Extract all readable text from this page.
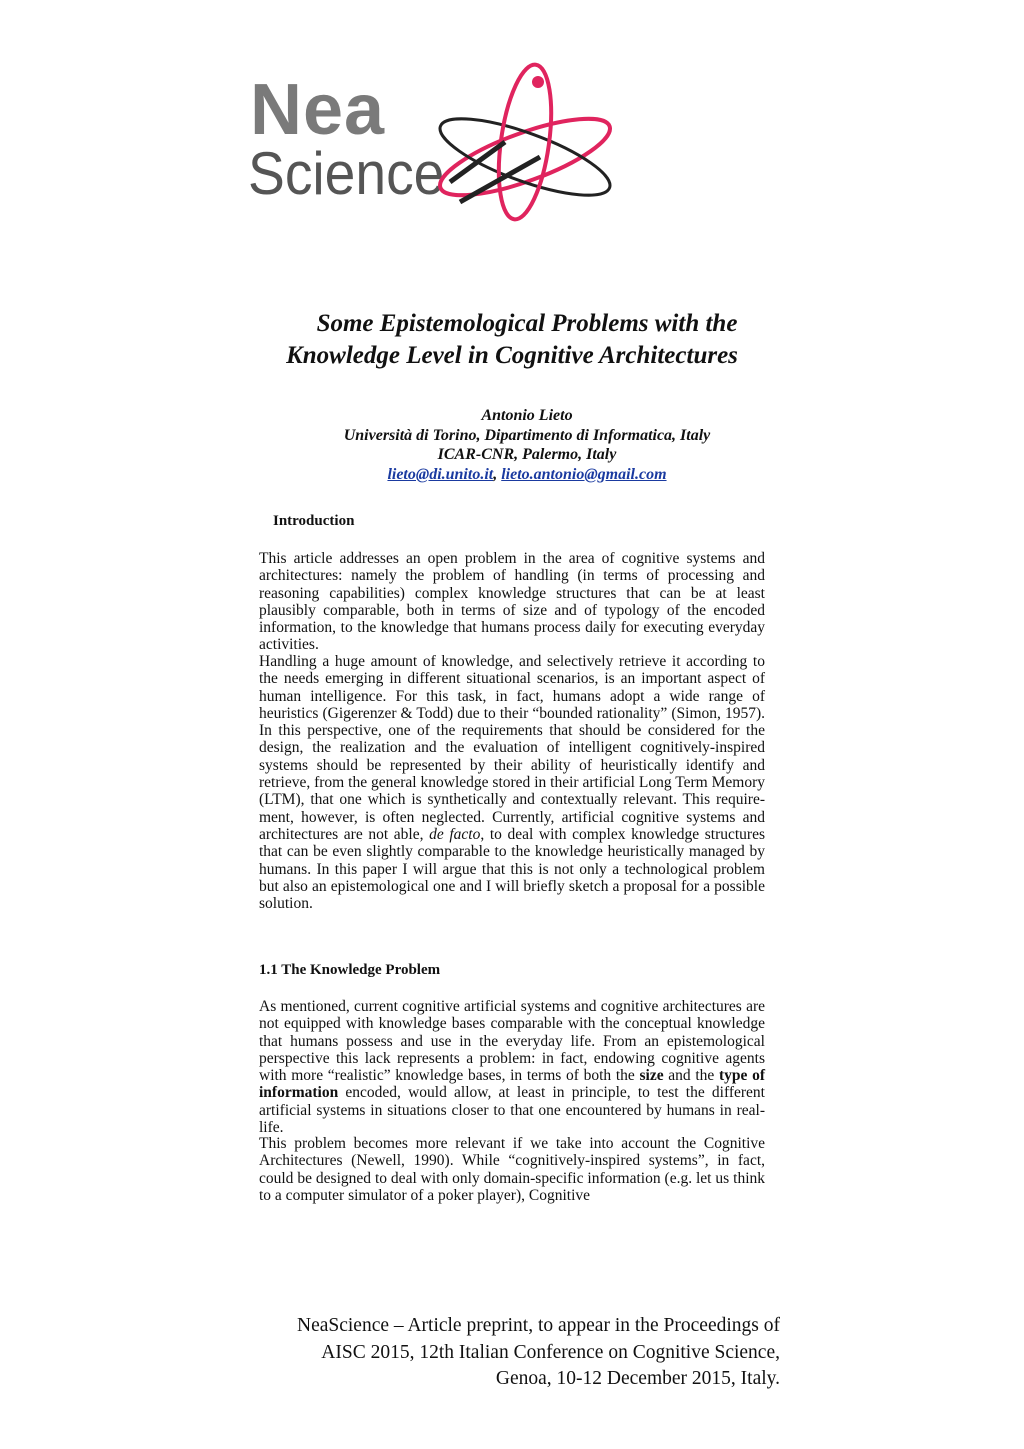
Nea
Science
Some Epistemological Problems with the
Knowledge Level in Cognitive Architectures
Antonio Lieto
Università di Torino, Dipartimento di Informatica, Italy
ICAR-CNR, Palermo, Italy
lieto@di.unito.it, lieto.antonio@gmail.com
Introduction
This article addresses an open problem in the area of cognitive systems and architectures: namely the problem of handling (in terms of processing and reasoning capabilities) complex knowledge structures that can be at least plausibly comparable, both in terms of size and of typology of the encoded information, to the knowledge that humans process daily for executing everyday activities.
Handling a huge amount of knowledge, and selectively retrieve it according to the needs emerging in different situational scenarios, is an important aspect of human intelligence. For this task, in fact, humans adopt a wide range of heuristics (Gigerenzer & Todd) due to their “bounded rationality” (Simon, 1957). In this perspective, one of the requirements that should be considered for the design, the realization and the evaluation of intelligent cognitively-inspired systems should be represented by their ability of heuristically identify and retrieve, from the general knowledge stored in their artificial Long Term Memory (LTM), that one which is synthetically and contextually relevant. This requirement, however, is often neglected. Currently, artificial cognitive systems and architectures are not able, de facto, to deal with complex knowledge structures that can be even slightly comparable to the knowledge heuristically managed by humans. In this paper I will argue that this is not only a technological problem but also an epistemological one and I will briefly sketch a proposal for a possible solution.
1.1 The Knowledge Problem
As mentioned, current cognitive artificial systems and cognitive architectures are not equipped with knowledge bases comparable with the conceptual knowledge that humans possess and use in the everyday life. From an epistemological perspective this lack represents a problem: in fact, endowing cognitive agents with more “realistic” knowledge bases, in terms of both the size and the type of information encoded, would allow, at least in principle, to test the different artificial systems in situations closer to that one encountered by humans in real-life.
This problem becomes more relevant if we take into account the Cognitive Architectures (Newell, 1990). While “cognitively-inspired systems”, in fact, could be designed to deal with only domain-specific information (e.g. let us think to a computer simulator of a poker player), Cognitive
NeaScience – Article preprint, to appear in the Proceedings of
AISC 2015, 12th Italian Conference on Cognitive Science,
Genoa, 10-12 December 2015, Italy.
